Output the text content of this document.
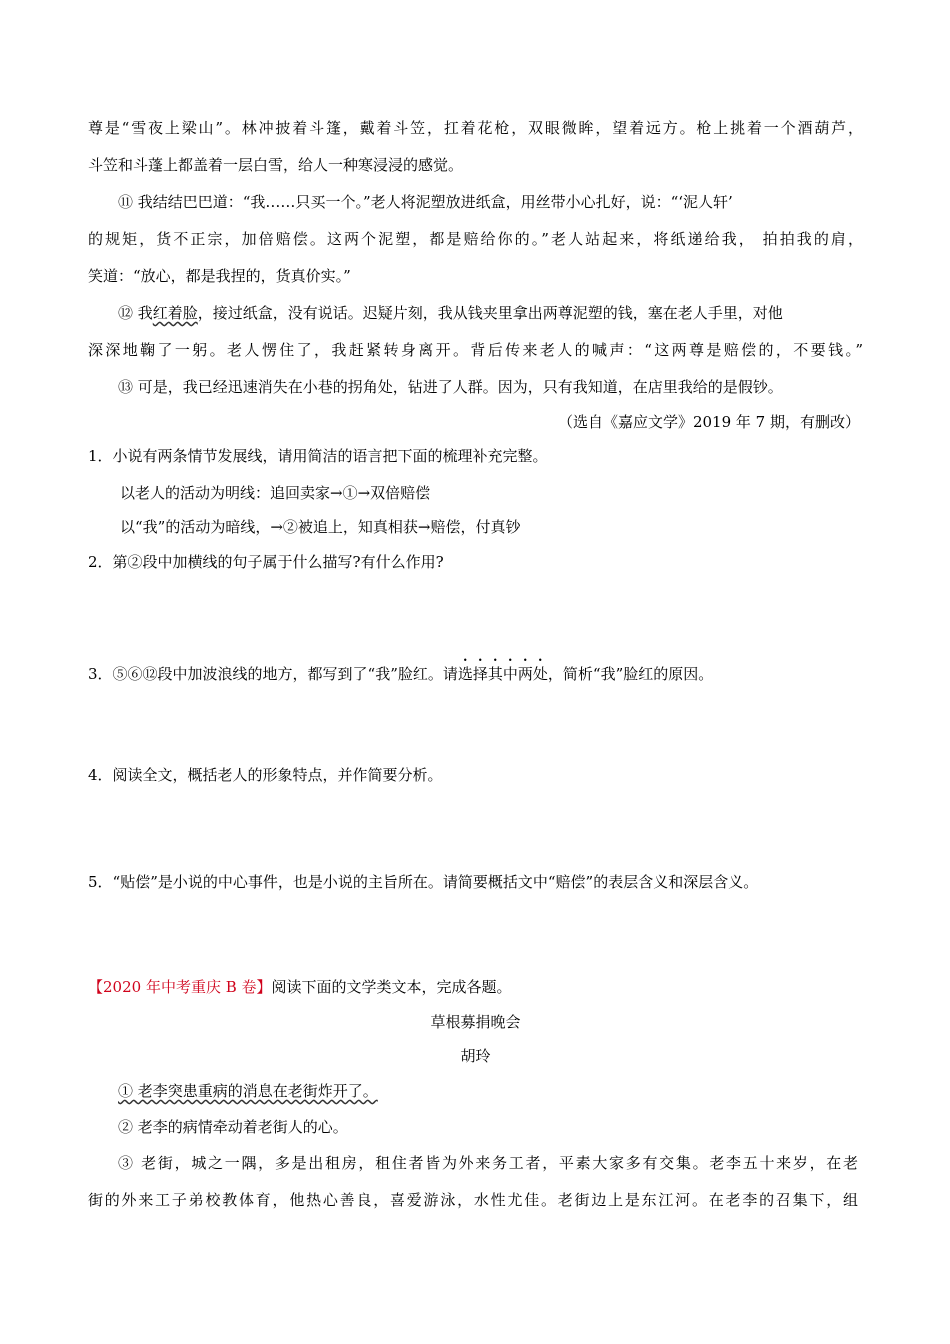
尊是“雪夜上梁山”。林冲披着斗篷，戴着斗笠，扛着花枪，双眼微眸，望着远方。枪上挑着一个酒葫芦，

斗笠和斗蓬上都盖着一层白雪，给人一种寒浸浸的感觉。

⑪ 我结结巴巴道：“我……只买一个。”老人将泥塑放进纸盒，用丝带小心扎好，说：“‘泥人轩’

的规矩，货不正宗，加倍赔偿。这两个泥塑，都是赔给你的。”老人站起来，将纸递给我， 拍拍我的肩，

笑道：“放心，都是我捏的，货真价实。”

⑫ 我红着脸，接过纸盒，没有说话。迟疑片刻，我从钱夹里拿出两尊泥塑的钱，塞在老人手里，对他

深深地鞠了一躬。老人愣住了，我赶紧转身离开。背后传来老人的喊声：“这两尊是赔偿的，不要钱。”

⑬ 可是，我已经迅速消失在小巷的拐角处，钻进了人群。因为，只有我知道，在店里我给的是假钞。

（选自《嘉应文学》2019 年 7 期，有删改）

1．小说有两条情节发展线，请用简洁的语言把下面的梳理补充完整。

以老人的活动为明线：追回卖家→①→双倍赔偿

以“我”的活动为暗线，→②被追上，知真相获→赔偿，付真钞

2．第②段中加横线的句子属于什么描写?有什么作用?

3．⑤⑥⑫段中加波浪线的地方，都写到了“我”脸红。请选择其中两处，简析“我”脸红的原因。

4．阅读全文，概括老人的形象特点，并作简要分析。

5．“贴偿”是小说的中心事件，也是小说的主旨所在。请简要概括文中“赔偿”的表层含义和深层含义。

【2020 年中考重庆 B 卷】阅读下面的文学类文本，完成各题。

草根募捐晚会

胡玲

① 老李突患重病的消息在老街炸开了。

② 老李的病情牵动着老街人的心。

③ 老街，城之一隅，多是出租房，租住者皆为外来务工者，平素大家多有交集。老李五十来岁，在老

街的外来工子弟校教体育，他热心善良，喜爱游泳，水性尤佳。老街边上是东江河。在老李的召集下，组
